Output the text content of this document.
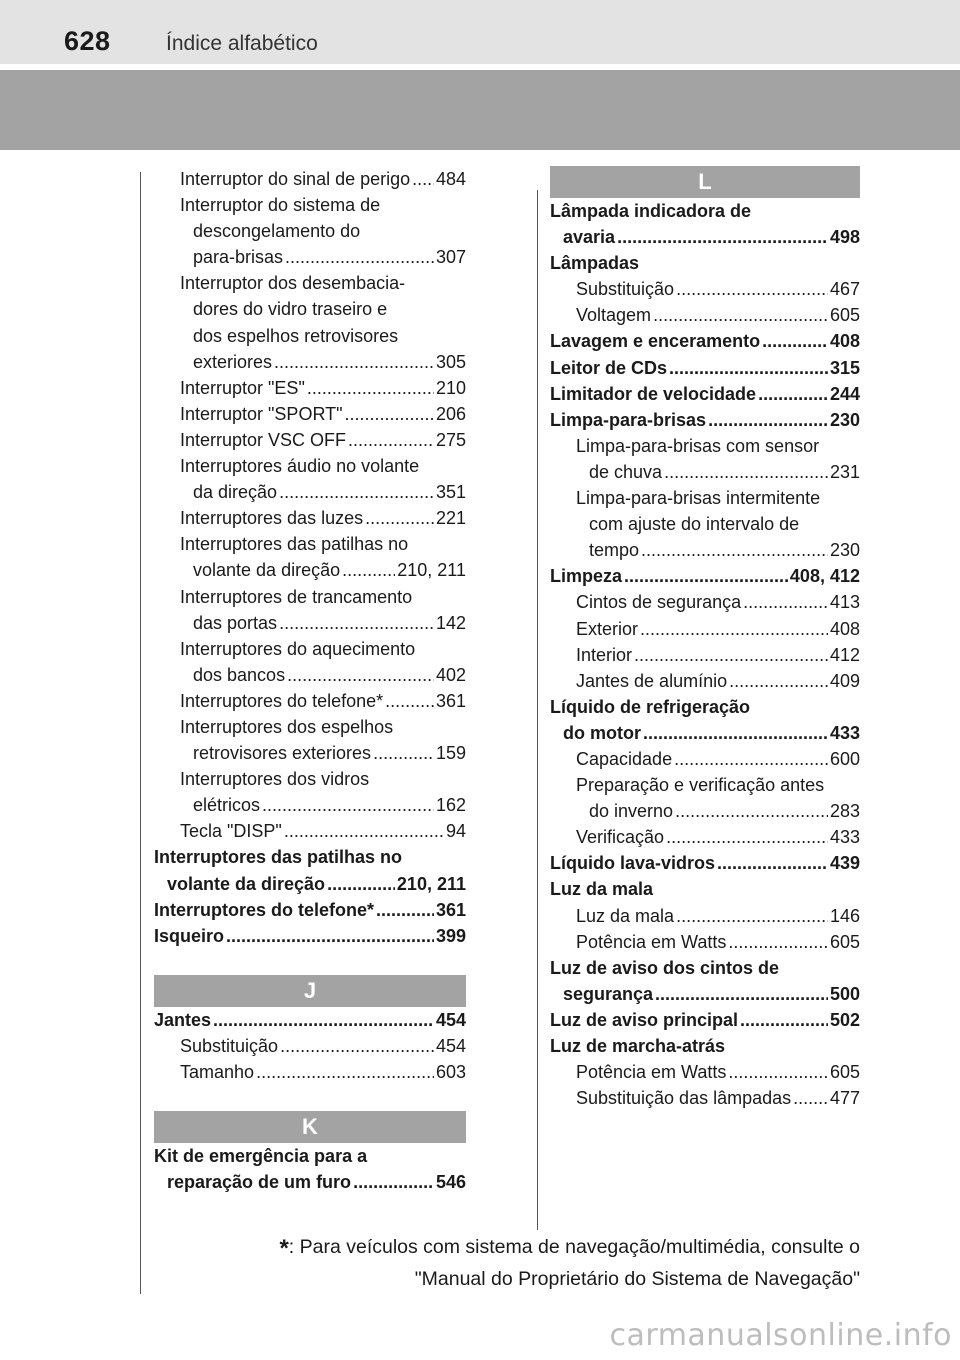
628	Índice alfabético
Interruptor do sinal de perigo ..... 484
Interruptor do sistema de
descongelamento do
para-brisas .....	307
Interruptor dos desembacia-
dores do vidro traseiro e
dos espelhos retrovisores
exteriores .....	305
Interruptor "ES" .....	210
Interruptor "SPORT" .....	206
Interruptor VSC OFF .....	275
Interruptores áudio no volante
da direção .....	351
Interruptores das luzes .....	221
Interruptores das patilhas no
volante da direção .....	210, 211
Interruptores de trancamento
das portas .....	142
Interruptores do aquecimento
dos bancos .....	402
Interruptores do telefone* .....	361
Interruptores dos espelhos
retrovisores exteriores .....	159
Interruptores dos vidros
elétricos .....	162
Tecla "DISP" .....	94
Interruptores das patilhas no
volante da direção .....	210, 211
Interruptores do telefone* .....	361
Isqueiro .....	399
J
Jantes .....	454
Substituição .....	454
Tamanho .....	603
K
Kit de emergência para a
reparação de um furo .....	546
L
Lâmpada indicadora de
avaria .....	498
Lâmpadas
Substituição .....	467
Voltagem .....	605
Lavagem e enceramento .....	408
Leitor de CDs .....	315
Limitador de velocidade .....	244
Limpa-para-brisas .....	230
Limpa-para-brisas com sensor
de chuva .....	231
Limpa-para-brisas intermitente
com ajuste do intervalo de
tempo .....	230
Limpeza .....	408, 412
Cintos de segurança .....	413
Exterior .....	408
Interior .....	412
Jantes de alumínio .....	409
Líquido de refrigeração
do motor .....	433
Capacidade .....	600
Preparação e verificação antes
do inverno .....	283
Verificação .....	433
Líquido lava-vidros .....	439
Luz da mala
Luz da mala .....	146
Potência em Watts .....	605
Luz de aviso dos cintos de
segurança .....	500
Luz de aviso principal .....	502
Luz de marcha-atrás
Potência em Watts .....	605
Substituição das lâmpadas ..... 477
*: Para veículos com sistema de navegação/multimédia, consulte o
"Manual do Proprietário do Sistema de Navegação"
carmanualsonline.info
